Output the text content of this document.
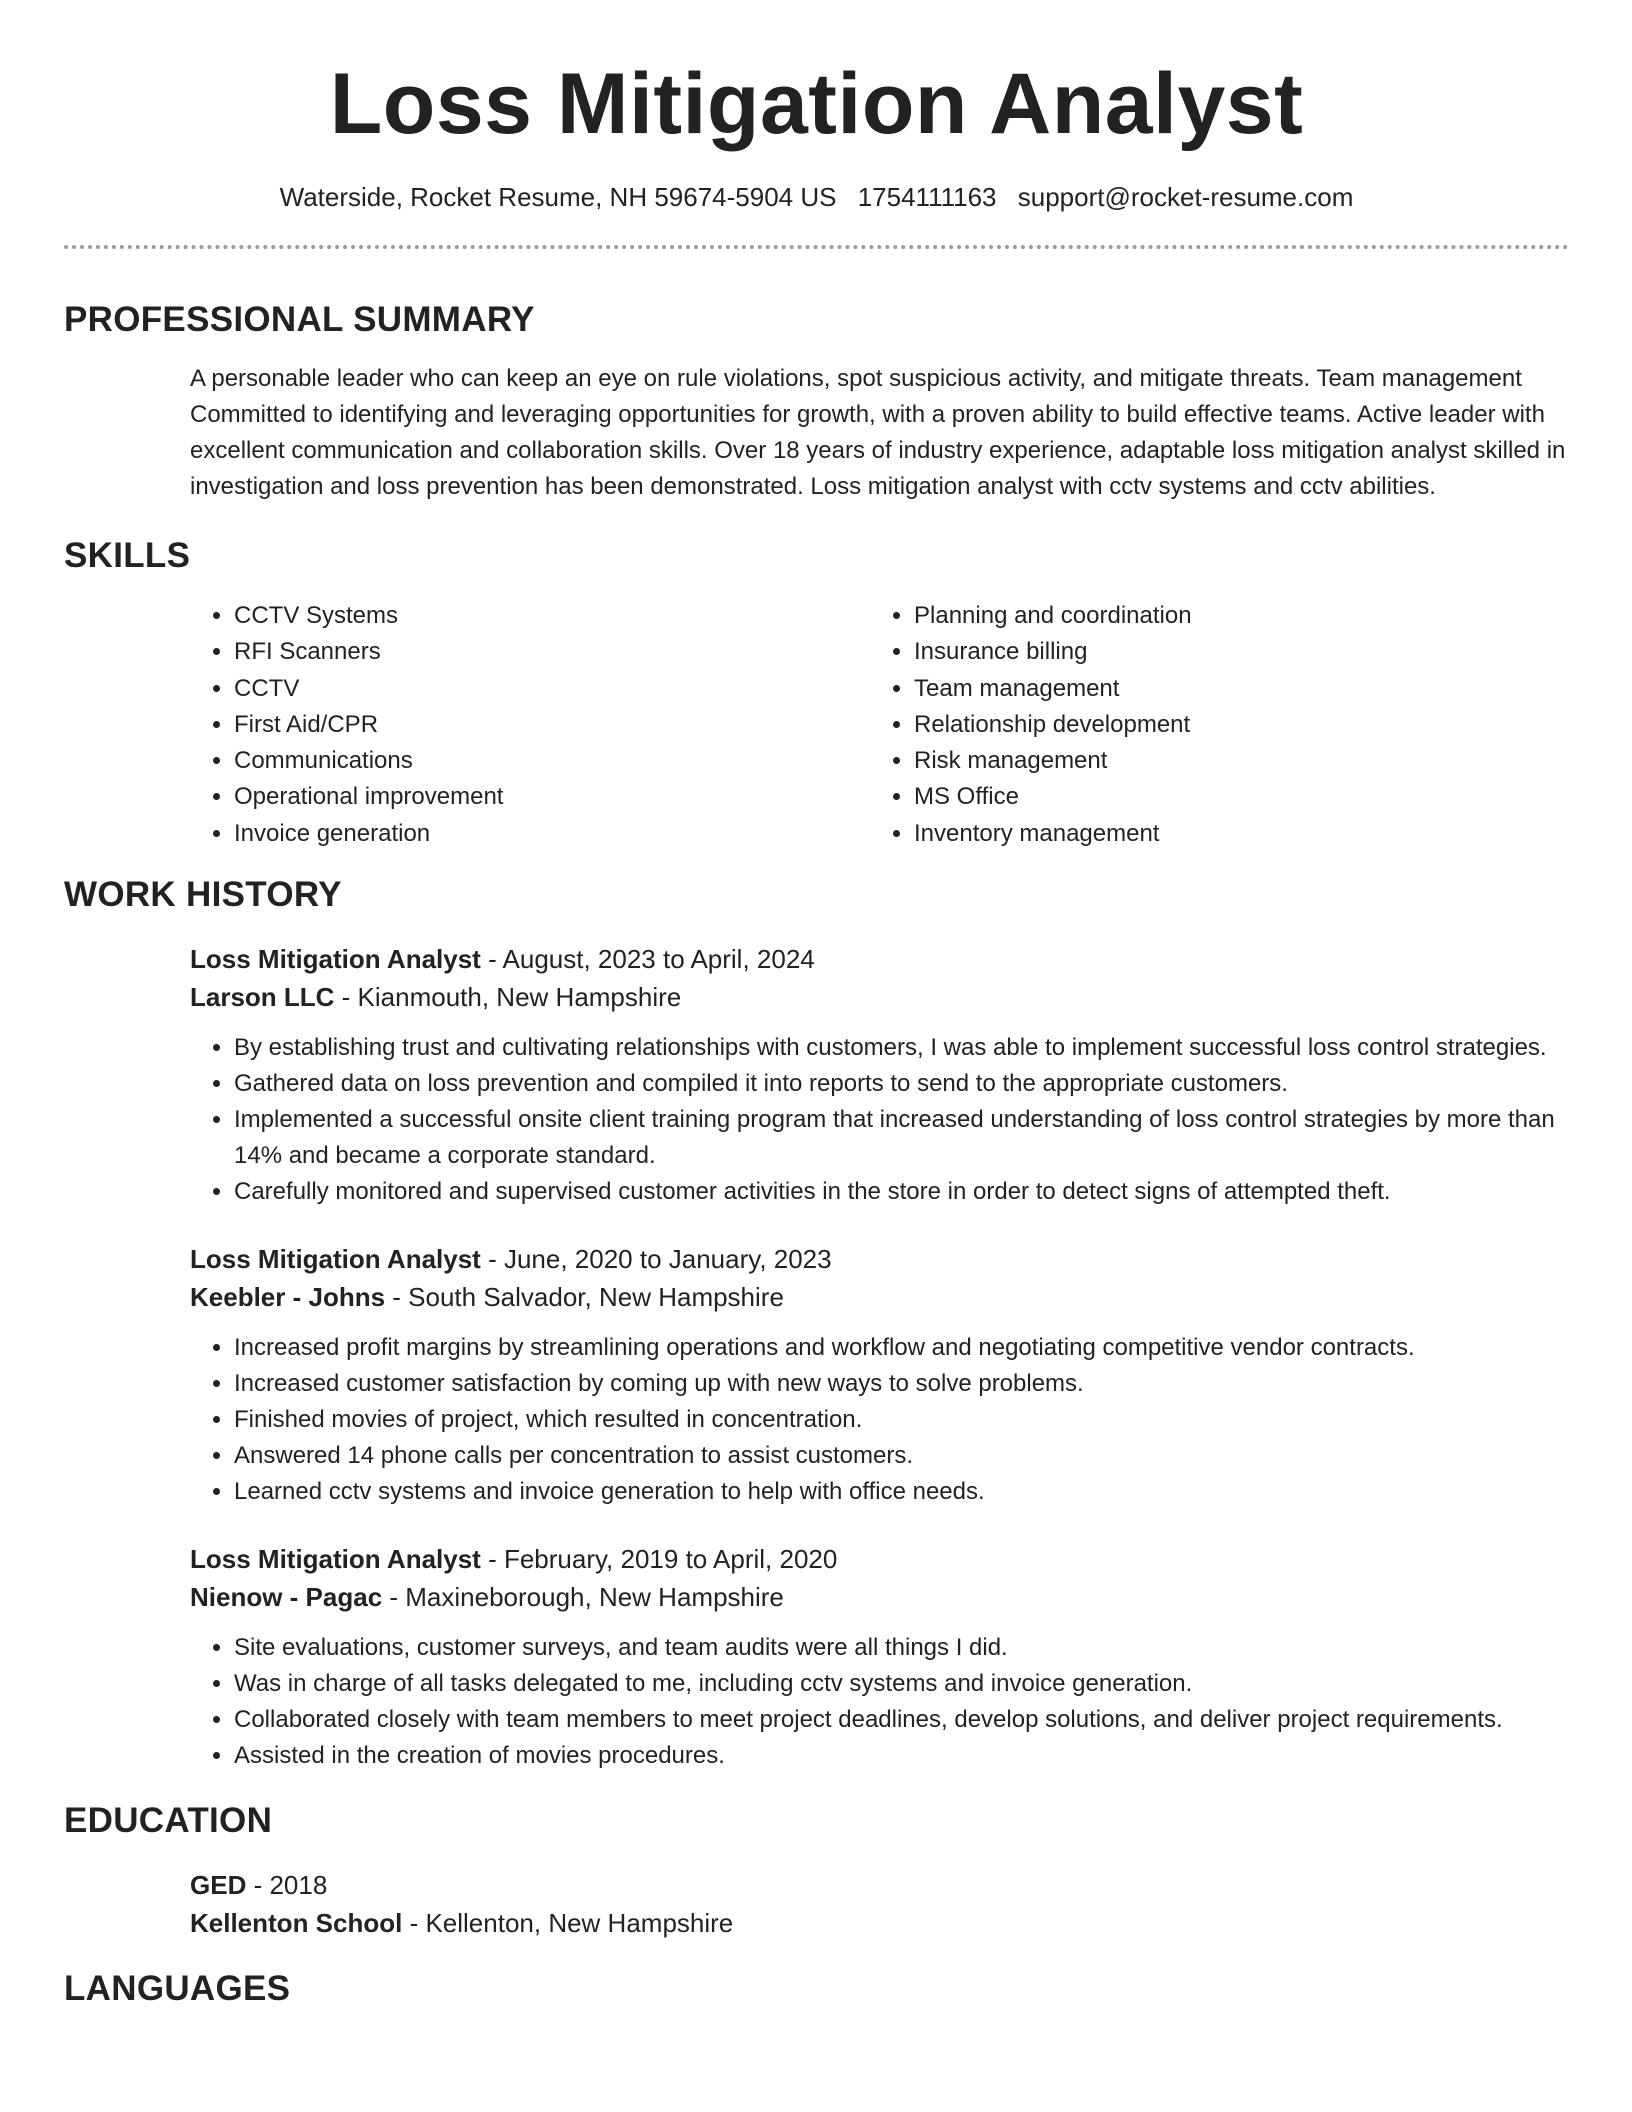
Loss Mitigation Analyst
Waterside, Rocket Resume, NH 59674-5904 US 1754111163 support@rocket-resume.com
PROFESSIONAL SUMMARY

A personable leader who can keep an eye on rule violations, spot suspicious activity, and mitigate threats. Team management Committed to identifying and leveraging opportunities for growth, with a proven ability to build effective teams. Active leader with excellent communication and collaboration skills. Over 18 years of industry experience, adaptable loss mitigation analyst skilled in investigation and loss prevention has been demonstrated. Loss mitigation analyst with cctv systems and cctv abilities.

SKILLS
• CCTV Systems
• RFI Scanners
• CCTV
• First Aid/CPR
• Communications
• Operational improvement
• Invoice generation
• Planning and coordination
• Insurance billing
• Team management
• Relationship development
• Risk management
• MS Office
• Inventory management
WORK HISTORY
Loss Mitigation Analyst - August, 2023 to April, 2024
Larson LLC - Kianmouth, New Hampshire
• By establishing trust and cultivating relationships with customers, I was able to implement successful loss control strategies.
• Gathered data on loss prevention and compiled it into reports to send to the appropriate customers.
• Implemented a successful onsite client training program that increased understanding of loss control strategies by more than 14% and became a corporate standard.
• Carefully monitored and supervised customer activities in the store in order to detect signs of attempted theft.
Loss Mitigation Analyst - June, 2020 to January, 2023
Keebler - Johns - South Salvador, New Hampshire
• Increased profit margins by streamlining operations and workflow and negotiating competitive vendor contracts.
• Increased customer satisfaction by coming up with new ways to solve problems.
• Finished movies of project, which resulted in concentration.
• Answered 14 phone calls per concentration to assist customers.
• Learned cctv systems and invoice generation to help with office needs.
Loss Mitigation Analyst - February, 2019 to April, 2020
Nienow - Pagac - Maxineborough, New Hampshire
• Site evaluations, customer surveys, and team audits were all things I did.
• Was in charge of all tasks delegated to me, including cctv systems and invoice generation.
• Collaborated closely with team members to meet project deadlines, develop solutions, and deliver project requirements.
• Assisted in the creation of movies procedures.
EDUCATION
GED - 2018
Kellenton School - Kellenton, New Hampshire
LANGUAGES
